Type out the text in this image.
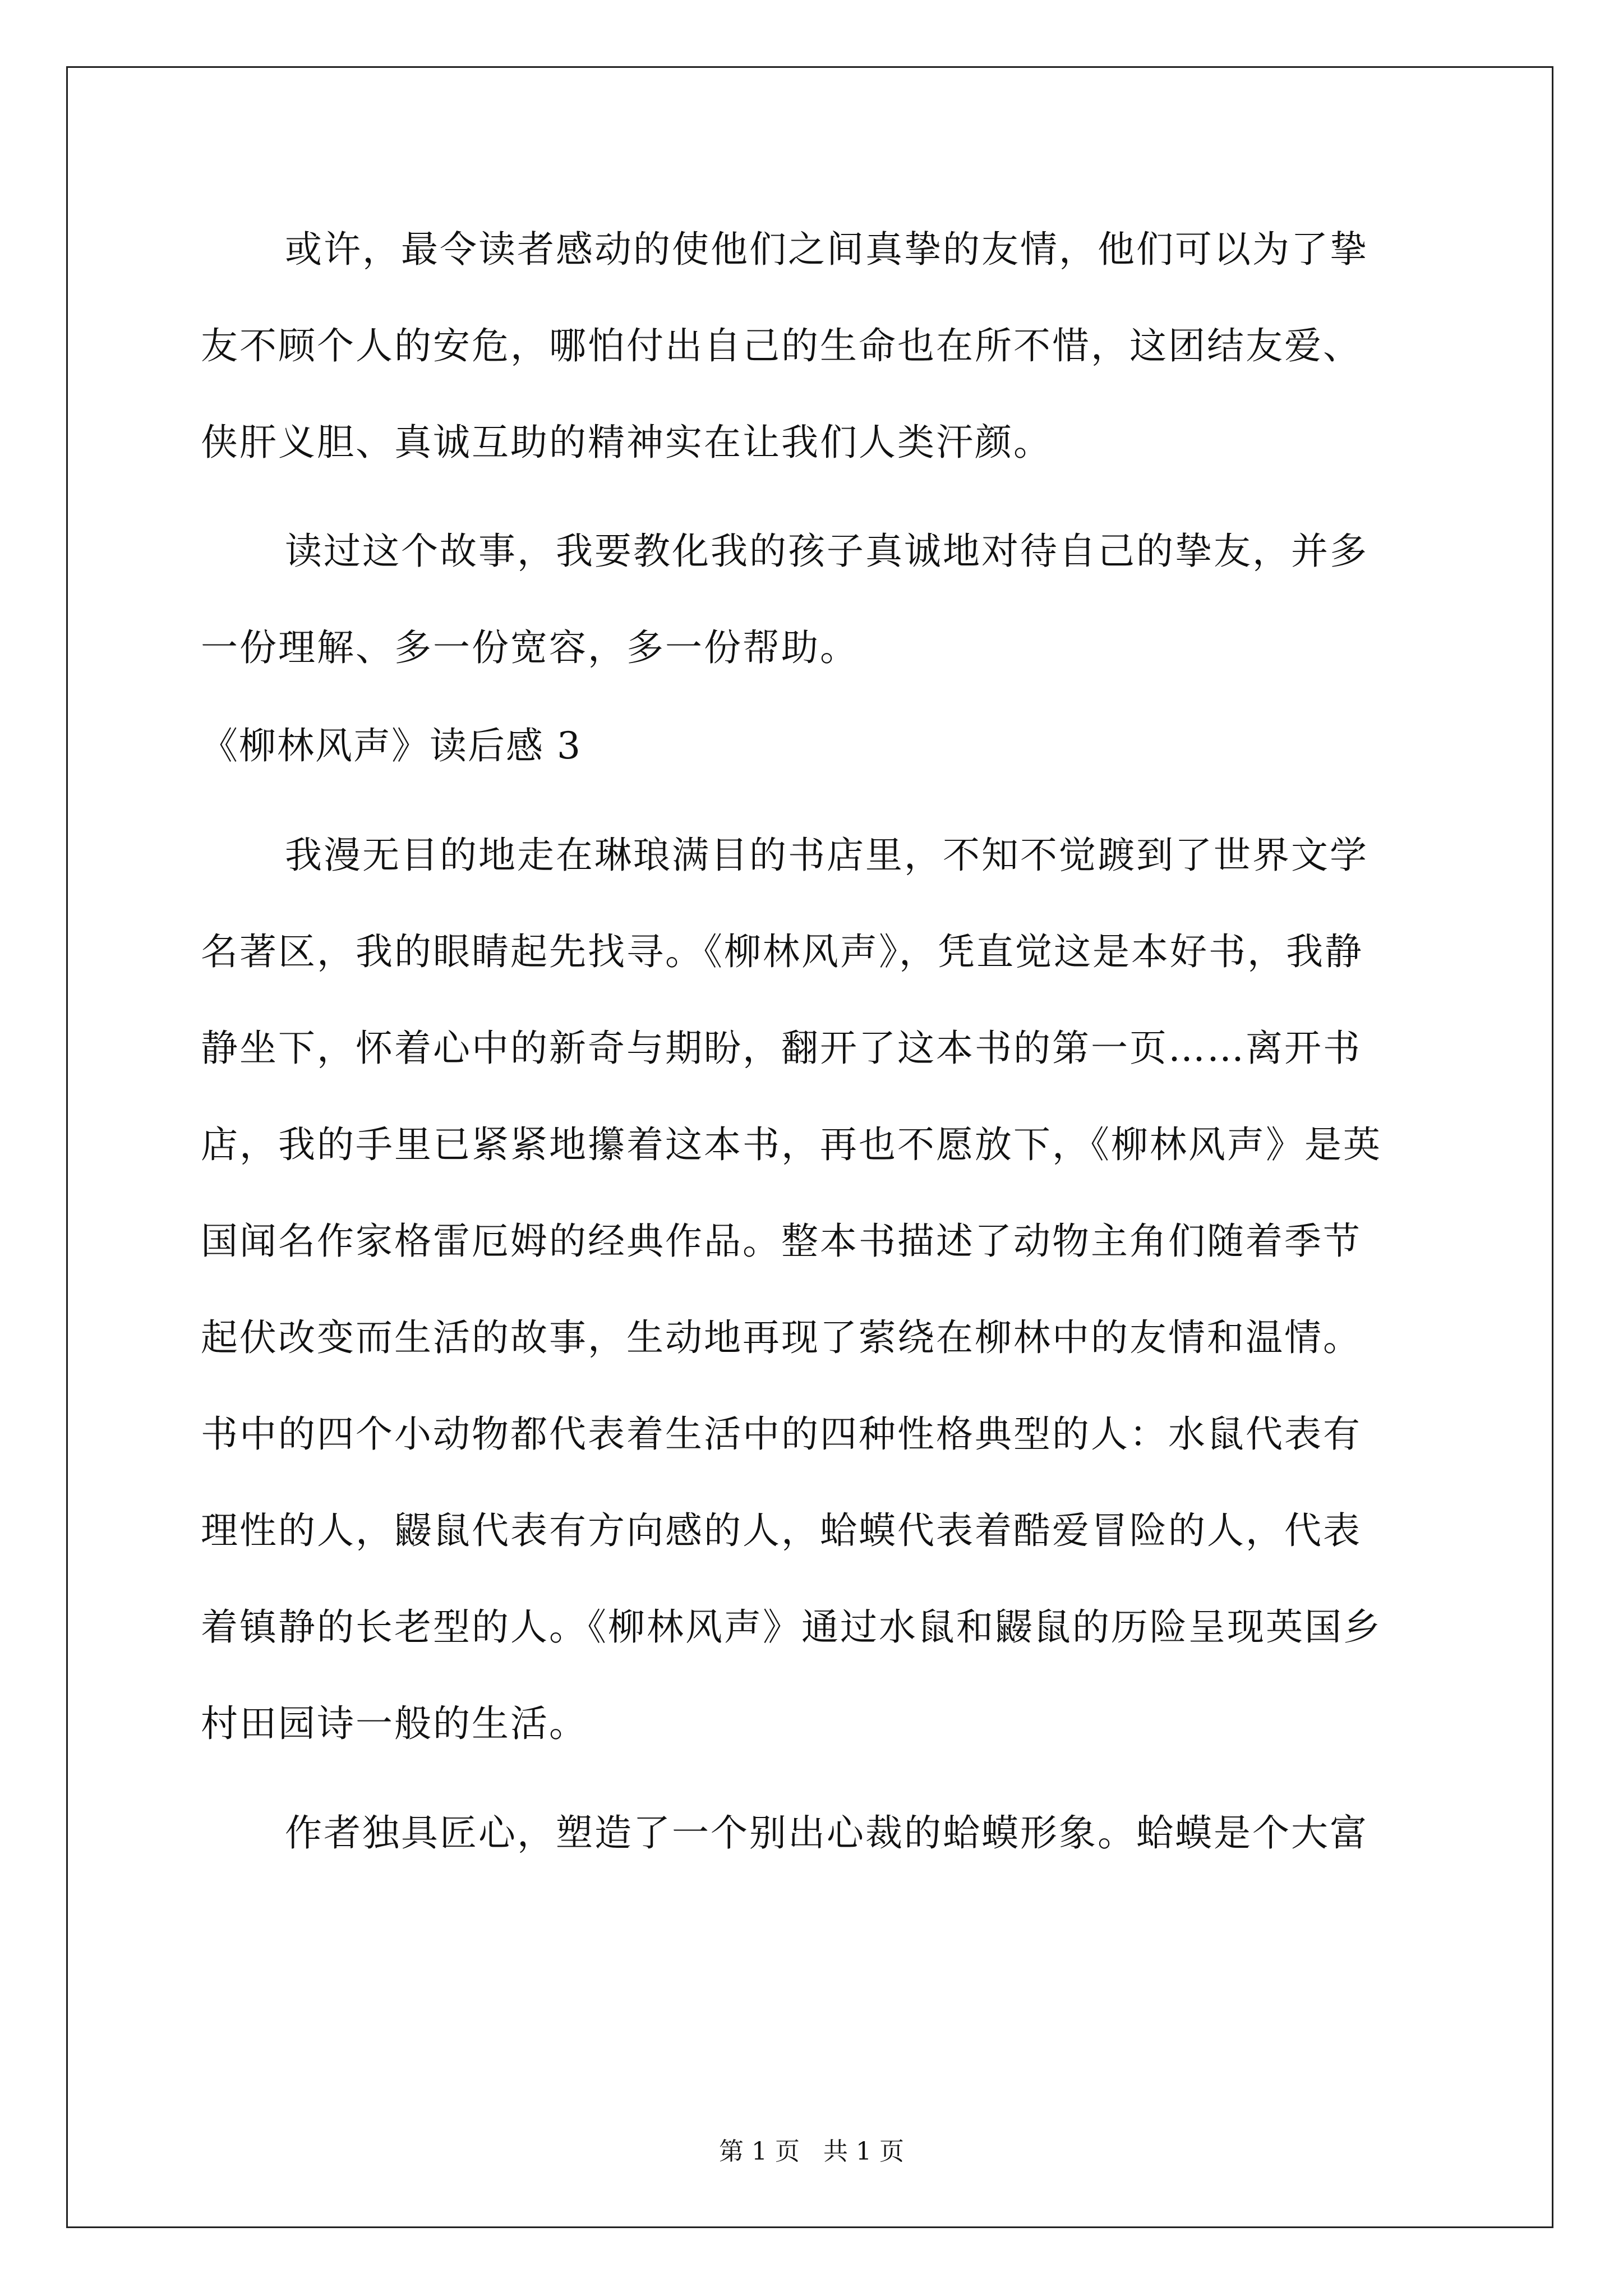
或许，最令读者感动的使他们之间真挚的友情，他们可以为了挚
友不顾个人的安危，哪怕付出自己的生命也在所不惜，这团结友爱、
侠肝义胆、真诚互助的精神实在让我们人类汗颜。
读过这个故事，我要教化我的孩子真诚地对待自己的挚友，并多
一份理解、多一份宽容，多一份帮助。
《柳林风声》读后感 3
我漫无目的地走在琳琅满目的书店里，不知不觉踱到了世界文学
名著区，我的眼睛起先找寻。《柳林风声》，凭直觉这是本好书，我静
静坐下，怀着心中的新奇与期盼，翻开了这本书的第一页……离开书
店，我的手里已紧紧地攥着这本书，再也不愿放下，《柳林风声》是英
国闻名作家格雷厄姆的经典作品。整本书描述了动物主角们随着季节
起伏改变而生活的故事，生动地再现了萦绕在柳林中的友情和温情。
书中的四个小动物都代表着生活中的四种性格典型的人：水鼠代表有
理性的人，鼹鼠代表有方向感的人，蛤蟆代表着酷爱冒险的人，代表
着镇静的长老型的人。《柳林风声》通过水鼠和鼹鼠的历险呈现英国乡
村田园诗一般的生活。
作者独具匠心，塑造了一个别出心裁的蛤蟆形象。蛤蟆是个大富
第 1 页   共 1 页
